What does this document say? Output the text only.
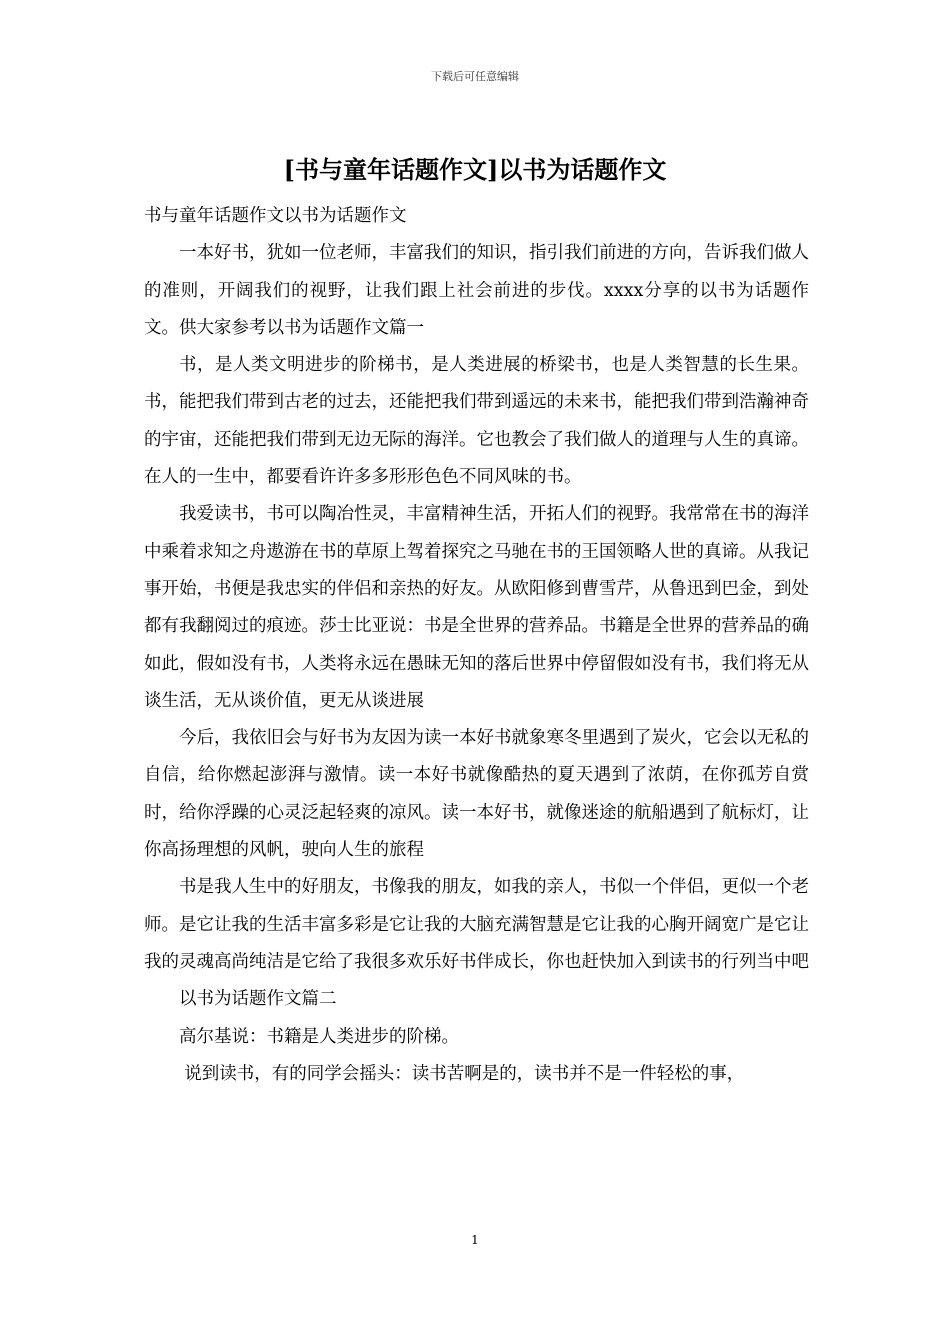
下载后可任意编辑
[书与童年话题作文]以书为话题作文

书与童年话题作文以书为话题作文

一本好书，犹如一位老师，丰富我们的知识，指引我们前进的方向，告诉我们做人的准则，开阔我们的视野，让我们跟上社会前进的步伐。xxxx分享的以书为话题作文。供大家参考以书为话题作文篇一

书，是人类文明进步的阶梯书，是人类进展的桥梁书，也是人类智慧的长生果。书，能把我们带到古老的过去，还能把我们带到遥远的未来书，能把我们带到浩瀚神奇的宇宙，还能把我们带到无边无际的海洋。它也教会了我们做人的道理与人生的真谛。在人的一生中，都要看许许多多形形色色不同风味的书。

我爱读书，书可以陶冶性灵，丰富精神生活，开拓人们的视野。我常常在书的海洋中乘着求知之舟遨游在书的草原上驾着探究之马驰在书的王国领略人世的真谛。从我记事开始，书便是我忠实的伴侣和亲热的好友。从欧阳修到曹雪芹，从鲁迅到巴金，到处都有我翻阅过的痕迹。莎士比亚说：书是全世界的营养品。书籍是全世界的营养品的确如此，假如没有书，人类将永远在愚昧无知的落后世界中停留假如没有书，我们将无从谈生活，无从谈价值，更无从谈进展

今后，我依旧会与好书为友因为读一本好书就象寒冬里遇到了炭火，它会以无私的自信，给你燃起澎湃与激情。读一本好书就像酷热的夏天遇到了浓荫，在你孤芳自赏时，给你浮躁的心灵泛起轻爽的凉风。读一本好书，就像迷途的航船遇到了航标灯，让你高扬理想的风帆，驶向人生的旅程

书是我人生中的好朋友，书像我的朋友，如我的亲人，书似一个伴侣，更似一个老师。是它让我的生活丰富多彩是它让我的大脑充满智慧是它让我的心胸开阔宽广是它让我的灵魂高尚纯洁是它给了我很多欢乐好书伴成长，你也赶快加入到读书的行列当中吧

以书为话题作文篇二

高尔基说：书籍是人类进步的阶梯。

说到读书，有的同学会摇头：读书苦啊是的，读书并不是一件轻松的事，

1
